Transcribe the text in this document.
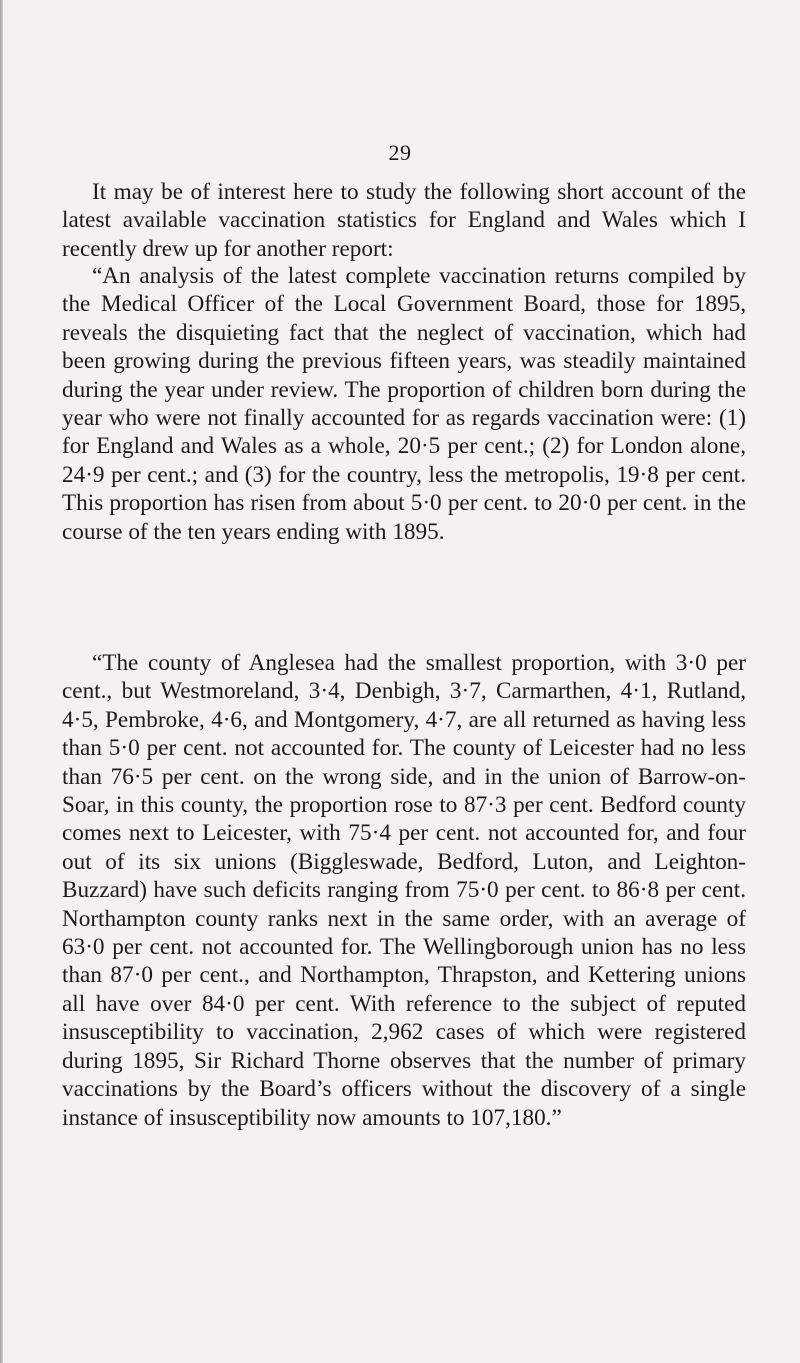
29

It may be of interest here to study the following short account of the latest available vaccination statistics for England and Wales which I recently drew up for another report:

“An analysis of the latest complete vaccination returns compiled by the Medical Officer of the Local Government Board, those for 1895, reveals the disquieting fact that the neglect of vaccination, which had been growing during the previous fifteen years, was steadily maintained during the year under review. The proportion of children born during the year who were not finally accounted for as regards vaccination were: (1) for England and Wales as a whole, 20·5 per cent.; (2) for London alone, 24·9 per cent.; and (3) for the country, less the metropolis, 19·8 per cent. This proportion has risen from about 5·0 per cent. to 20·0 per cent. in the course of the ten years ending with 1895.

“The county of Anglesea had the smallest proportion, with 3·0 per cent., but Westmoreland, 3·4, Denbigh, 3·7, Carmarthen, 4·1, Rutland, 4·5, Pembroke, 4·6, and Montgomery, 4·7, are all returned as having less than 5·0 per cent. not accounted for. The county of Leicester had no less than 76·5 per cent. on the wrong side, and in the union of Barrow-on-Soar, in this county, the proportion rose to 87·3 per cent. Bedford county comes next to Leicester, with 75·4 per cent. not accounted for, and four out of its six unions (Biggleswade, Bedford, Luton, and Leighton-Buzzard) have such deficits ranging from 75·0 per cent. to 86·8 per cent. Northampton county ranks next in the same order, with an average of 63·0 per cent. not accounted for. The Wellingborough union has no less than 87·0 per cent., and Northampton, Thrapston, and Kettering unions all have over 84·0 per cent. With reference to the subject of reputed insusceptibility to vaccination, 2,962 cases of which were registered during 1895, Sir Richard Thorne observes that the number of primary vaccinations by the Board’s officers without the discovery of a single instance of insusceptibility now amounts to 107,180.”
